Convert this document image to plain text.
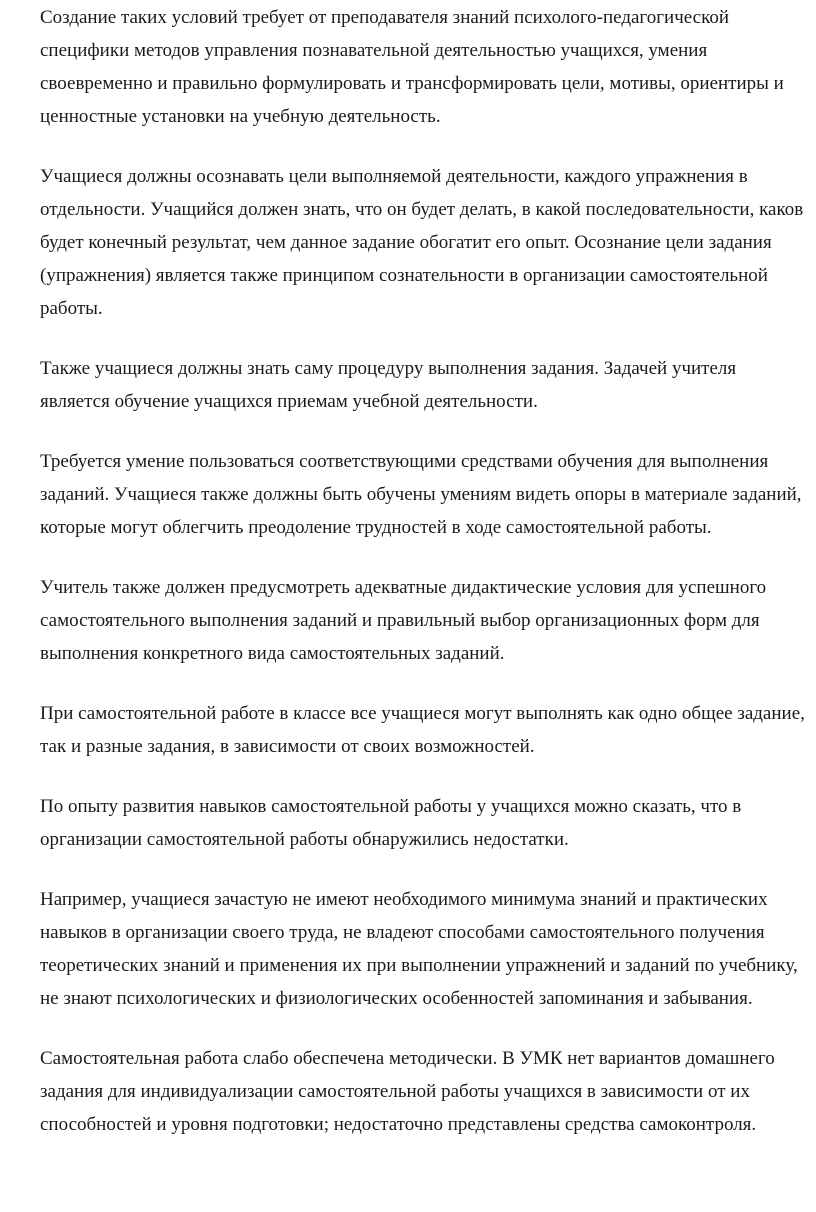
Создание таких условий требует от преподавателя знаний психолого-педагогической специфики методов управления познавательной деятельностью учащихся, умения своевременно и правильно формулировать и трансформировать цели, мотивы, ориентиры и ценностные установки на учебную деятельность.

Учащиеся должны осознавать цели выполняемой деятельности, каждого упражнения в отдельности. Учащийся должен знать, что он будет делать, в какой последовательности, каков будет конечный результат, чем данное задание обогатит его опыт. Осознание цели задания (упражнения) является также принципом сознательности в организации самостоятельной работы.

Также учащиеся должны знать саму процедуру выполнения задания. Задачей учителя является обучение учащихся приемам учебной деятельности.

Требуется умение пользоваться соответствующими средствами обучения для выполнения заданий. Учащиеся также должны быть обучены умениям видеть опоры в материале заданий, которые могут облегчить преодоление трудностей в ходе самостоятельной работы.

Учитель также должен предусмотреть адекватные дидактические условия для успешного самостоятельного выполнения заданий и правильный выбор организационных форм для выполнения конкретного вида самостоятельных заданий.

При самостоятельной работе в классе все учащиеся могут выполнять как одно общее задание, так и разные задания, в зависимости от своих возможностей.

По опыту развития навыков самостоятельной работы у учащихся можно сказать, что в организации самостоятельной работы обнаружились недостатки.

Например, учащиеся зачастую не имеют необходимого минимума знаний и практических навыков в организации своего труда, не владеют способами самостоятельного получения теоретических знаний и применения их при выполнении упражнений и заданий по учебнику, не знают психологических и физиологических особенностей запоминания и забывания.

Самостоятельная работа слабо обеспечена методически. В УМК нет вариантов домашнего задания для индивидуализации самостоятельной работы учащихся в зависимости от их способностей и уровня подготовки; недостаточно представлены средства самоконтроля.
